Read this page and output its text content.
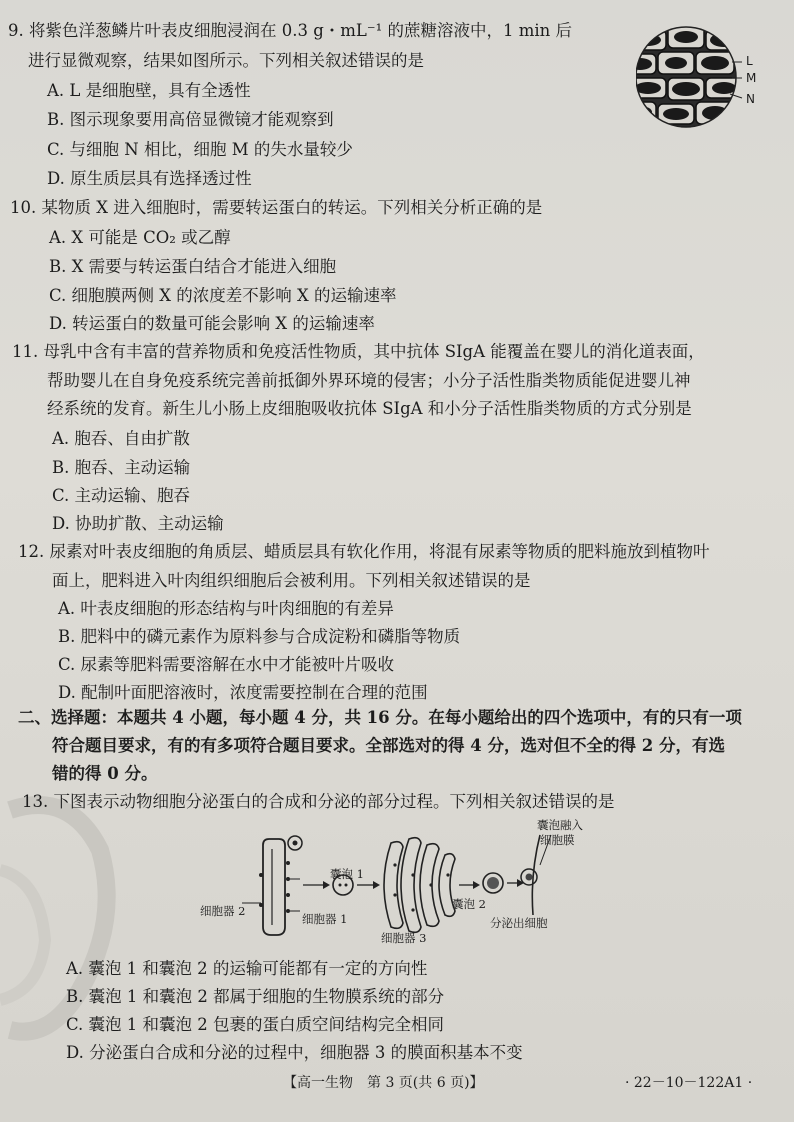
9. 将紫色洋葱鳞片叶表皮细胞浸润在 0.3 g・mL⁻¹ 的蔗糖溶液中，1 min 后
进行显微观察，结果如图所示。下列相关叙述错误的是
A. L 是细胞壁，具有全透性
B. 图示现象要用高倍显微镜才能观察到
C. 与细胞 N 相比，细胞 M 的失水量较少
D. 原生质层具有选择透过性
L
M
N
10. 某物质 X 进入细胞时，需要转运蛋白的转运。下列相关分析正确的是
A. X 可能是 CO₂ 或乙醇
B. X 需要与转运蛋白结合才能进入细胞
C. 细胞膜两侧 X 的浓度差不影响 X 的运输速率
D. 转运蛋白的数量可能会影响 X 的运输速率
11. 母乳中含有丰富的营养物质和免疫活性物质，其中抗体 SIgA 能覆盖在婴儿的消化道表面，
帮助婴儿在自身免疫系统完善前抵御外界环境的侵害；小分子活性脂类物质能促进婴儿神
经系统的发育。新生儿小肠上皮细胞吸收抗体 SIgA 和小分子活性脂类物质的方式分别是
A. 胞吞、自由扩散
B. 胞吞、主动运输
C. 主动运输、胞吞
D. 协助扩散、主动运输
12. 尿素对叶表皮细胞的角质层、蜡质层具有软化作用，将混有尿素等物质的肥料施放到植物叶
面上，肥料进入叶肉组织细胞后会被利用。下列相关叙述错误的是
A. 叶表皮细胞的形态结构与叶肉细胞的有差异
B. 肥料中的磷元素作为原料参与合成淀粉和磷脂等物质
C. 尿素等肥料需要溶解在水中才能被叶片吸收
D. 配制叶面肥溶液时，浓度需要控制在合理的范围
二、选择题：本题共 4 小题，每小题 4 分，共 16 分。在每小题给出的四个选项中，有的只有一项
符合题目要求，有的有多项符合题目要求。全部选对的得 4 分，选对但不全的得 2 分，有选
错的得 0 分。
13. 下图表示动物细胞分泌蛋白的合成和分泌的部分过程。下列相关叙述错误的是
囊泡融入
细胞膜
囊泡 1
细胞器 2
细胞器 1
细胞器 3
囊泡 2
分泌出细胞
A. 囊泡 1 和囊泡 2 的运输可能都有一定的方向性
B. 囊泡 1 和囊泡 2 都属于细胞的生物膜系统的部分
C. 囊泡 1 和囊泡 2 包裹的蛋白质空间结构完全相同
D. 分泌蛋白合成和分泌的过程中，细胞器 3 的膜面积基本不变
【高一生物　第 3 页(共 6 页)】	· 22－10－122A1 ·
